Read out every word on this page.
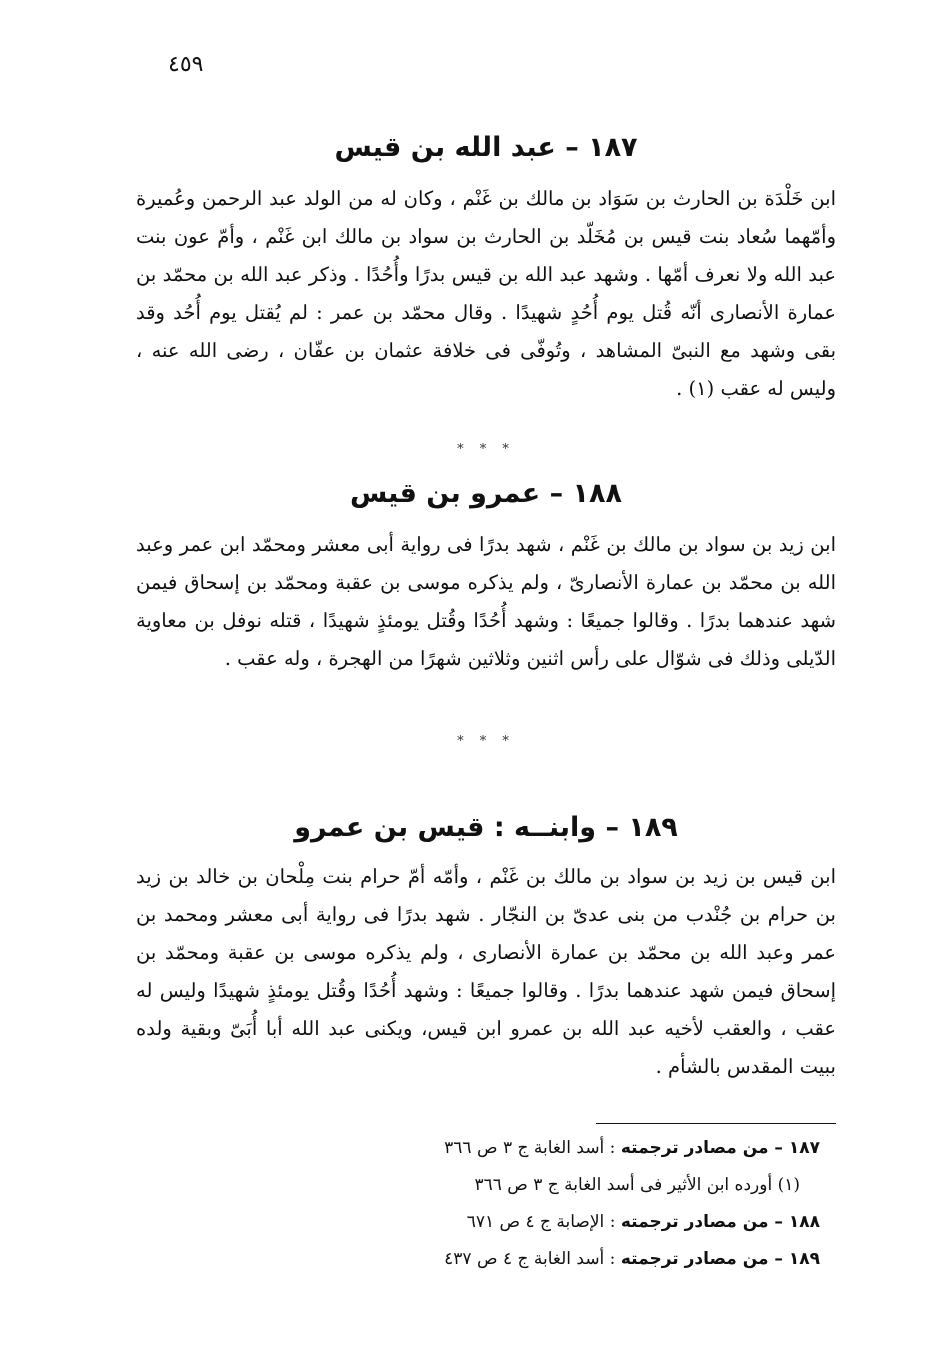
٤٥٩
١٨٧ – عبد الله بن قيس

ابن خَلْدَة بن الحارث بن سَوَاد بن مالك بن غَنْم ، وكان له من الولد عبد الرحمن وعُميرة وأمّهما سُعاد بنت قيس بن مُخَلّد بن الحارث بن سواد بن مالك ابن غَنْم ، وأمّ عون بنت عبد الله ولا نعرف أمّها . وشهد عبد الله بن قيس بدرًا وأُحُدًا . وذكر عبد الله بن محمّد بن عمارة الأنصارى أنّه قُتل يوم أُحُدٍ شهيدًا . وقال محمّد بن عمر : لم يُقتل يوم أُحُد وقد بقى وشهد مع النبىّ المشاهد ، وتُوفّى فى خلافة عثمان بن عفّان ، رضى الله عنه ، وليس له عقب (١) .

* * *
١٨٨ – عمرو بن قيس

ابن زيد بن سواد بن مالك بن غَنْم ، شهد بدرًا فى رواية أبى معشر ومحمّد ابن عمر وعبد الله بن محمّد بن عمارة الأنصارىّ ، ولم يذكره موسى بن عقبة ومحمّد بن إسحاق فيمن شهد عندهما بدرًا . وقالوا جميعًا : وشهد أُحُدًا وقُتل يومئذٍ شهيدًا ، قتله نوفل بن معاوية الدّيلى وذلك فى شوّال على رأس اثنين وثلاثين شهرًا من الهجرة ، وله عقب .

* * *
١٨٩ – وابنــه : قيس بن عمرو

ابن قيس بن زيد بن سواد بن مالك بن غَنْم ، وأمّه أمّ حرام بنت مِلْحان بن خالد بن زيد بن حرام بن جُنْدب من بنى عدىّ بن النجّار . شهد بدرًا فى رواية أبى معشر ومحمد بن عمر وعبد الله بن محمّد بن عمارة الأنصارى ، ولم يذكره موسى بن عقبة ومحمّد بن إسحاق فيمن شهد عندهما بدرًا . وقالوا جميعًا : وشهد أُحُدًا وقُتل يومئذٍ شهيدًا وليس له عقب ، والعقب لأخيه عبد الله بن عمرو ابن قيس، ويكنى عبد الله أبا أُبَىّ وبقية ولده ببيت المقدس بالشأم .

١٨٧ – من مصادر ترجمته : أسد الغابة ج ٣ ص ٣٦٦
(١) أورده ابن الأثير فى أسد الغابة ج ٣ ص ٣٦٦
١٨٨ – من مصادر ترجمته : الإصابة ج ٤ ص ٦٧١
١٨٩ – من مصادر ترجمته : أسد الغابة ج ٤ ص ٤٣٧
